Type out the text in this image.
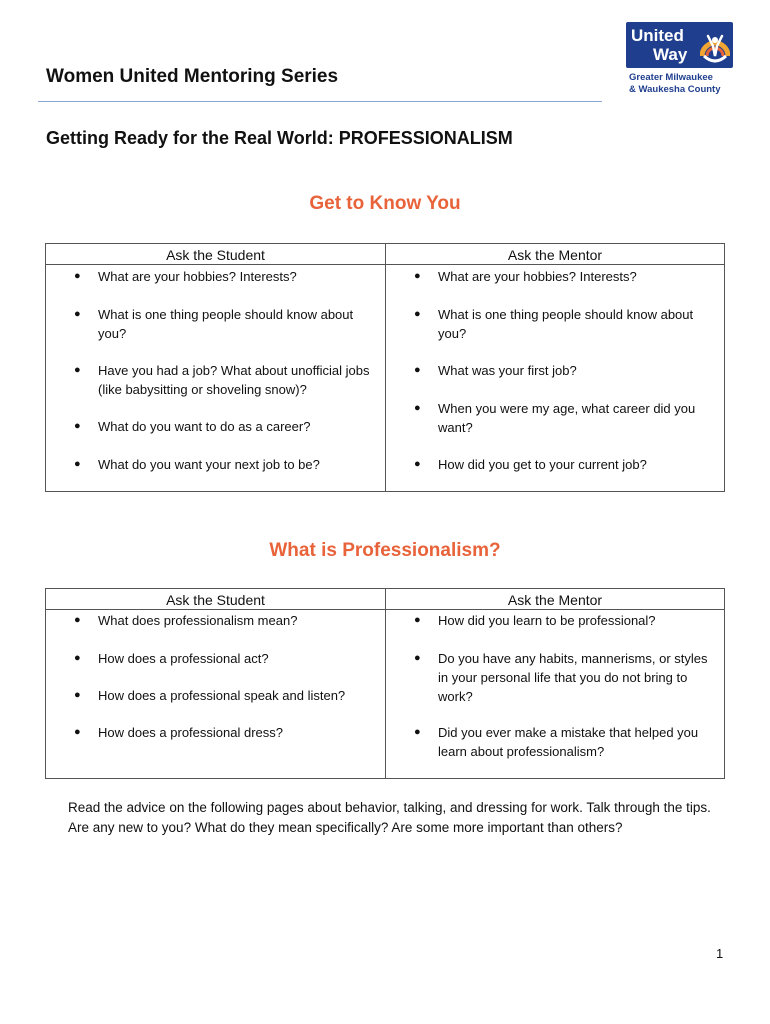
Women United Mentoring Series
United
Way
Greater Milwaukee
& Waukesha County
Getting Ready for the Real World: PROFESSIONALISM
Get to Know You
Ask the Student
● What are your hobbies? Interests?
● What is one thing people should know about you?
● Have you had a job? What about unofficial jobs (like babysitting or shoveling snow)?
● What do you want to do as a career?
● What do you want your next job to be?
Ask the Mentor
● What are your hobbies? Interests?
● What is one thing people should know about you?
● What was your first job?
● When you were my age, what career did you want?
● How did you get to your current job?
What is Professionalism?
Ask the Student
● What does professionalism mean?
● How does a professional act?
● How does a professional speak and listen?
● How does a professional dress?
Ask the Mentor
● How did you learn to be professional?
● Do you have any habits, mannerisms, or styles in your personal life that you do not bring to work?
● Did you ever make a mistake that helped you learn about professionalism?
Read the advice on the following pages about behavior, talking, and dressing for work. Talk through the tips. Are any new to you? What do they mean specifically? Are some more important than others?
1
